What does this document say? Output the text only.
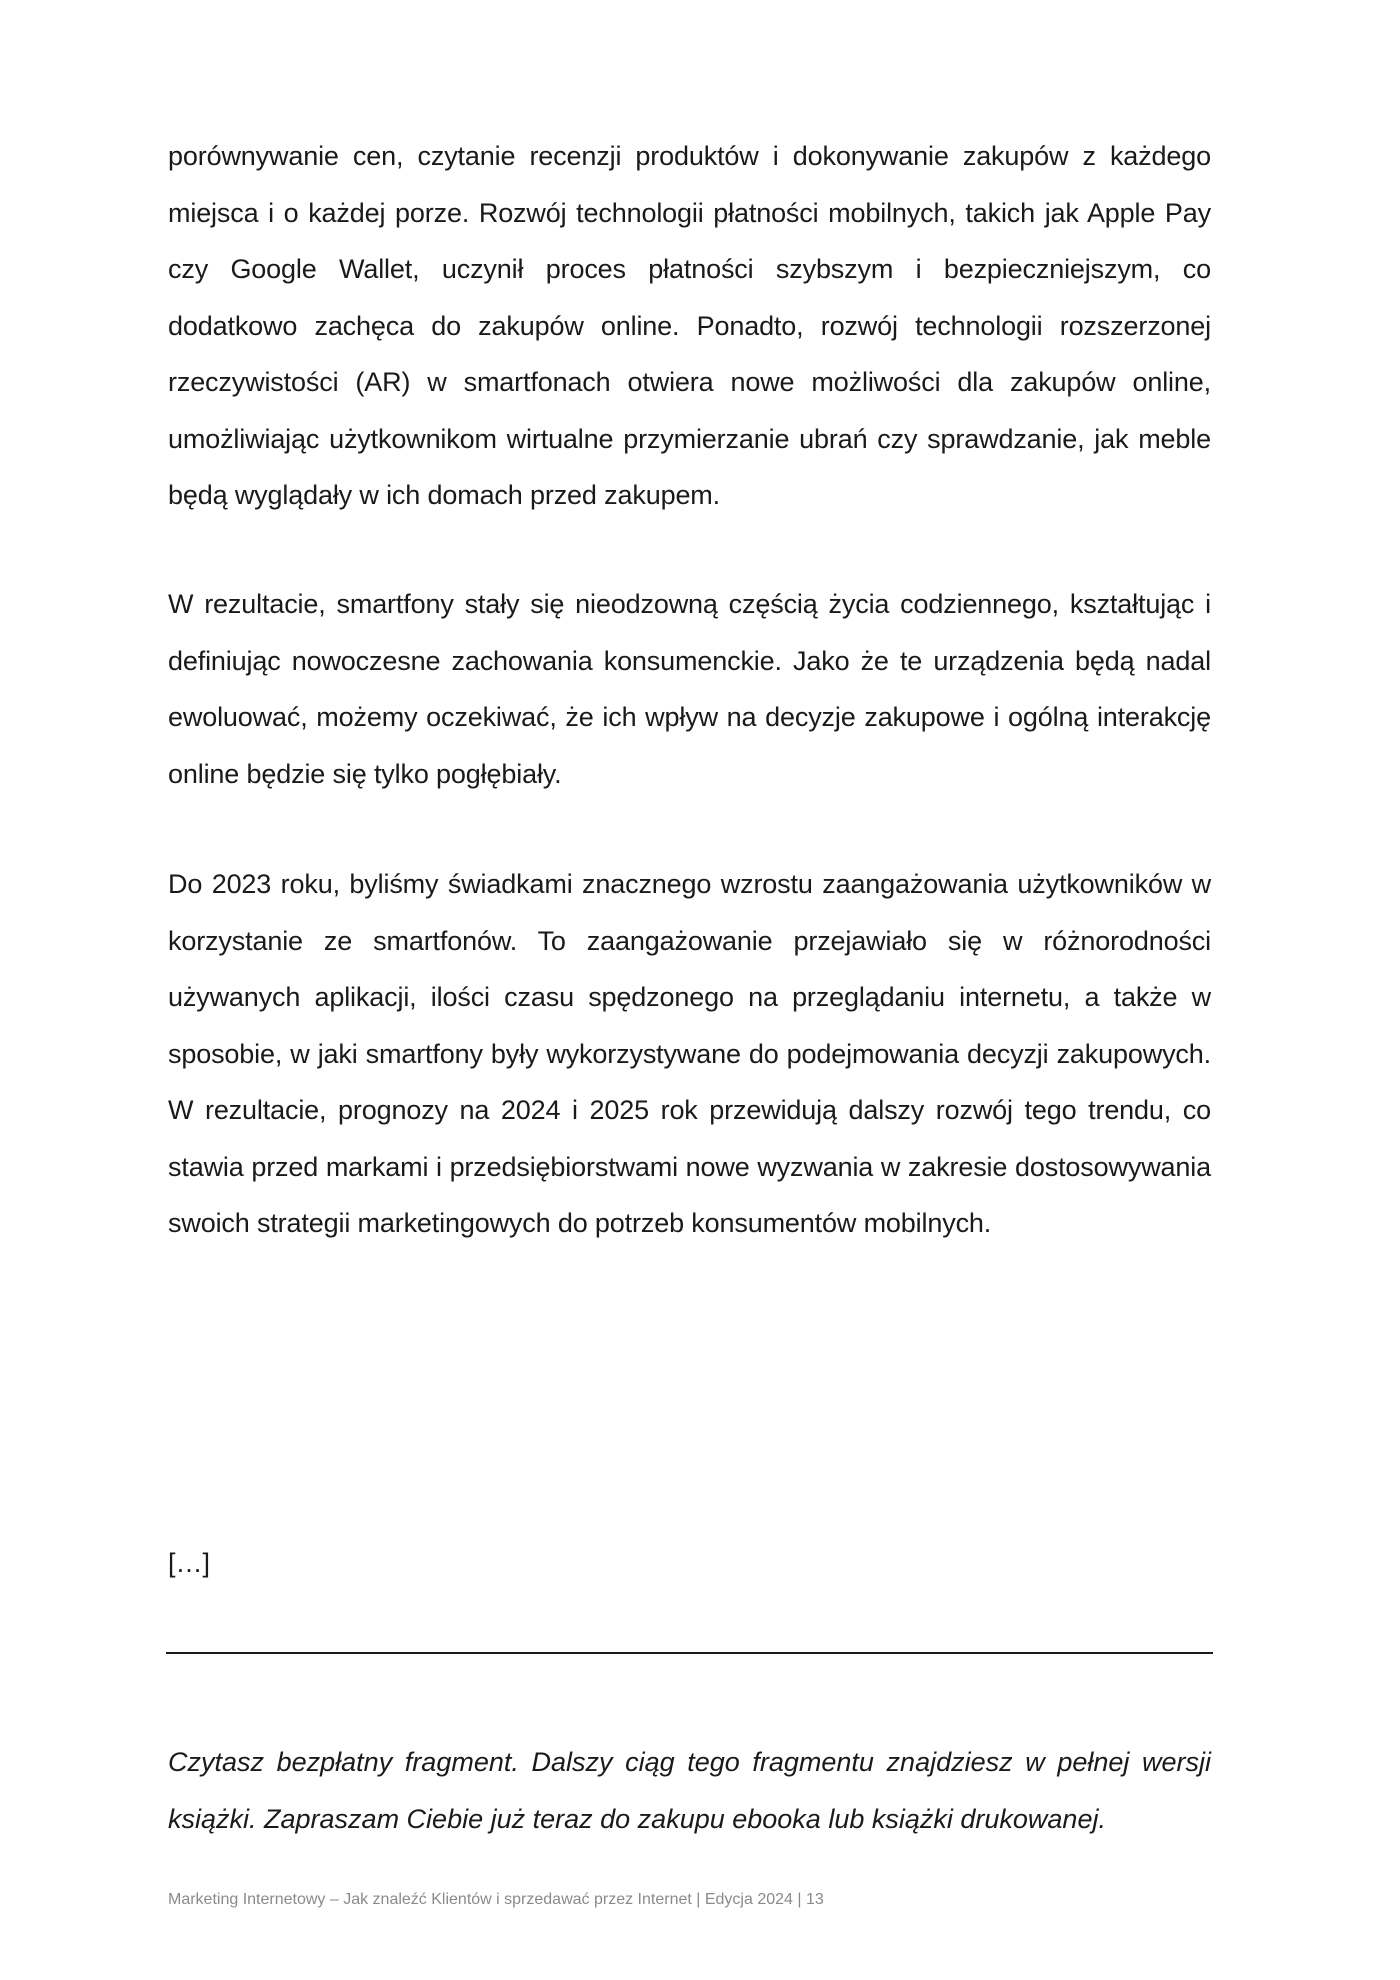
porównywanie cen, czytanie recenzji produktów i dokonywanie zakupów z każdego miejsca i o każdej porze. Rozwój technologii płatności mobilnych, takich jak Apple Pay czy Google Wallet, uczynił proces płatności szybszym i bezpieczniejszym, co dodatkowo zachęca do zakupów online. Ponadto, rozwój technologii rozszerzonej rzeczywistości (AR) w smartfonach otwiera nowe możliwości dla zakupów online, umożliwiając użytkownikom wirtualne przymierzanie ubrań czy sprawdzanie, jak meble będą wyglądały w ich domach przed zakupem.

W rezultacie, smartfony stały się nieodzowną częścią życia codziennego, kształtując i definiując nowoczesne zachowania konsumenckie. Jako że te urządzenia będą nadal ewoluować, możemy oczekiwać, że ich wpływ na decyzje zakupowe i ogólną interakcję online będzie się tylko pogłębiały.

Do 2023 roku, byliśmy świadkami znacznego wzrostu zaangażowania użytkowników w korzystanie ze smartfonów. To zaangażowanie przejawiało się w różnorodności używanych aplikacji, ilości czasu spędzonego na przeglądaniu internetu, a także w sposobie, w jaki smartfony były wykorzystywane do podejmowania decyzji zakupowych. W rezultacie, prognozy na 2024 i 2025 rok przewidują dalszy rozwój tego trendu, co stawia przed markami i przedsiębiorstwami nowe wyzwania w zakresie dostosowywania swoich strategii marketingowych do potrzeb konsumentów mobilnych.

[…]

Czytasz bezpłatny fragment. Dalszy ciąg tego fragmentu znajdziesz w pełnej wersji książki. Zapraszam Ciebie już teraz do zakupu ebooka lub książki drukowanej.

Marketing Internetowy – Jak znaleźć Klientów i sprzedawać przez Internet | Edycja 2024 | 13
